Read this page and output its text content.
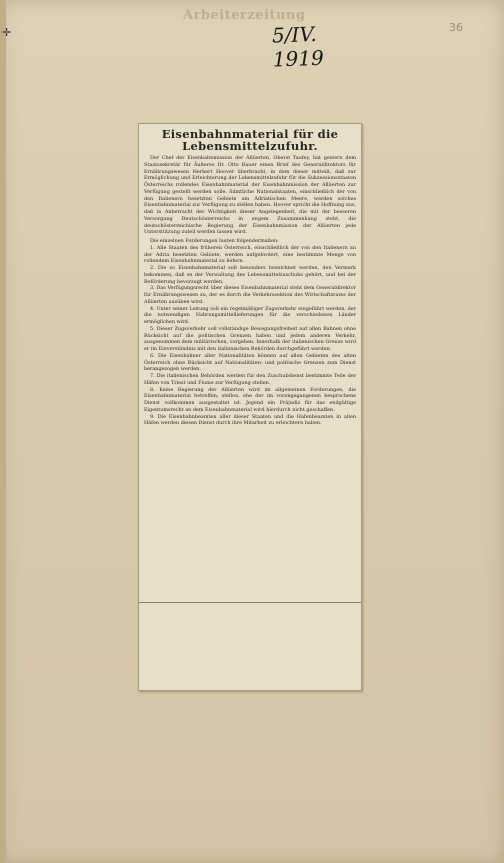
✛
Arbeiterzeitung
5/IV. 1919
36
Eisenbahnmaterial für die Lebensmittelzufuhr.
Der Chef der Eisenbahnmission der Alliierten, Oberst Taufey, hat gestern dem Staatssekretär für Äußeres Dr. Otto Bauer einen Brief des Generaldirektors für Ernährungswesen Herbert Hoover überbracht, in dem dieser mitteilt, daß zur Ermöglichung und Erleichterung der Lebensmittelzufuhr für die Sukzessionsstaaten Österreichs rollendes Eisenbahnmaterial der Eisenbahnmission der Alliierten zur Verfügung gestellt werden solle. Sämtliche Nationalstaaten, einschließlich der von den Italienern besetzten Gebiete am Adriatischen Meere, werden solches Eisenbahnmaterial zur Verfügung zu stellen haben. Hoover spricht die Hoffnung aus, daß in Anbetracht der Wichtigkeit dieser Angelegenheit, die mit der besseren Versorgung Deutschösterreichs in engem Zusammenhang steht, die deutschösterreichische Regierung der Eisenbahnmission der Alliierten jede Unterstützung zuteil werden lassen wird.
Die einzelnen Forderungen lauten folgendermaßen:
1. Alle Staaten des früheren Österreich, einschließlich der von den Italienern an der Adria besetzten Gebiete, werden aufgefordert, eine bestimmte Menge von rollendem Eisenbahnmaterial zu liefern.
2. Die so Eisenbahnmaterial soll besonders bezeichnet werden, den Vermerk bekommen, daß es der Verwaltung des Lebensmittelzuschubs gehört, und bei der Beförderung bevorzugt werden.
3. Das Verfügungsrecht über dieses Eisenbahnmaterial steht dem Generaldirektor für Ernährungswesen zu, der es durch die Verkehrssektion des Wirtschaftsrates der Alliierten ausüben wird.
4. Unter seiner Leitung soll ein regelmäßiger Zugsverkehr eingeführt werden, der die notwendigen Nahrungsmittellieferungen für die verschiedenen Länder ermöglichen wird.
5. Dieser Zugsverkehr soll vollständige Bewegungsfreiheit auf allen Bahnen ohne Rücksicht auf die politischen Grenzen haben und jedem anderen Verkehr, ausgenommen dem militärischen, vorgehen. Innerhalb der italienischen Grenze wird er im Einverständnis mit den italienischen Behörden durchgeführt werden.
6. Die Eisenbahner aller Nationalitäten können auf allen Gebieten des alten Österreich ohne Rücksicht auf Nationalitäten- und politische Grenzen zum Dienst herangezogen werden.
7. Die italienischen Behörden werden für den Zuschubdienst bestimmte Teile der Häfen von Triest und Fiume zur Verfügung stellen.
8. Keine Regierung der Alliierten wird im allgemeinen Forderungen, die Eisenbahnmaterial betreffen, stellen, ehe der im vorangegangenen besprochene Dienst vollkommen ausgestaltet ist. Jegend ein Präjudiz für das endgültige Eigentumsrecht an dem Eisenbahnmaterial wird hierdurch nicht geschaffen.
9. Die Eisenbahnbeamten aller dieser Staaten und die Hafenbeamten in allen Häfen werden diesen Dienst durch ihre Mitarbeit zu erleichtern haben.
